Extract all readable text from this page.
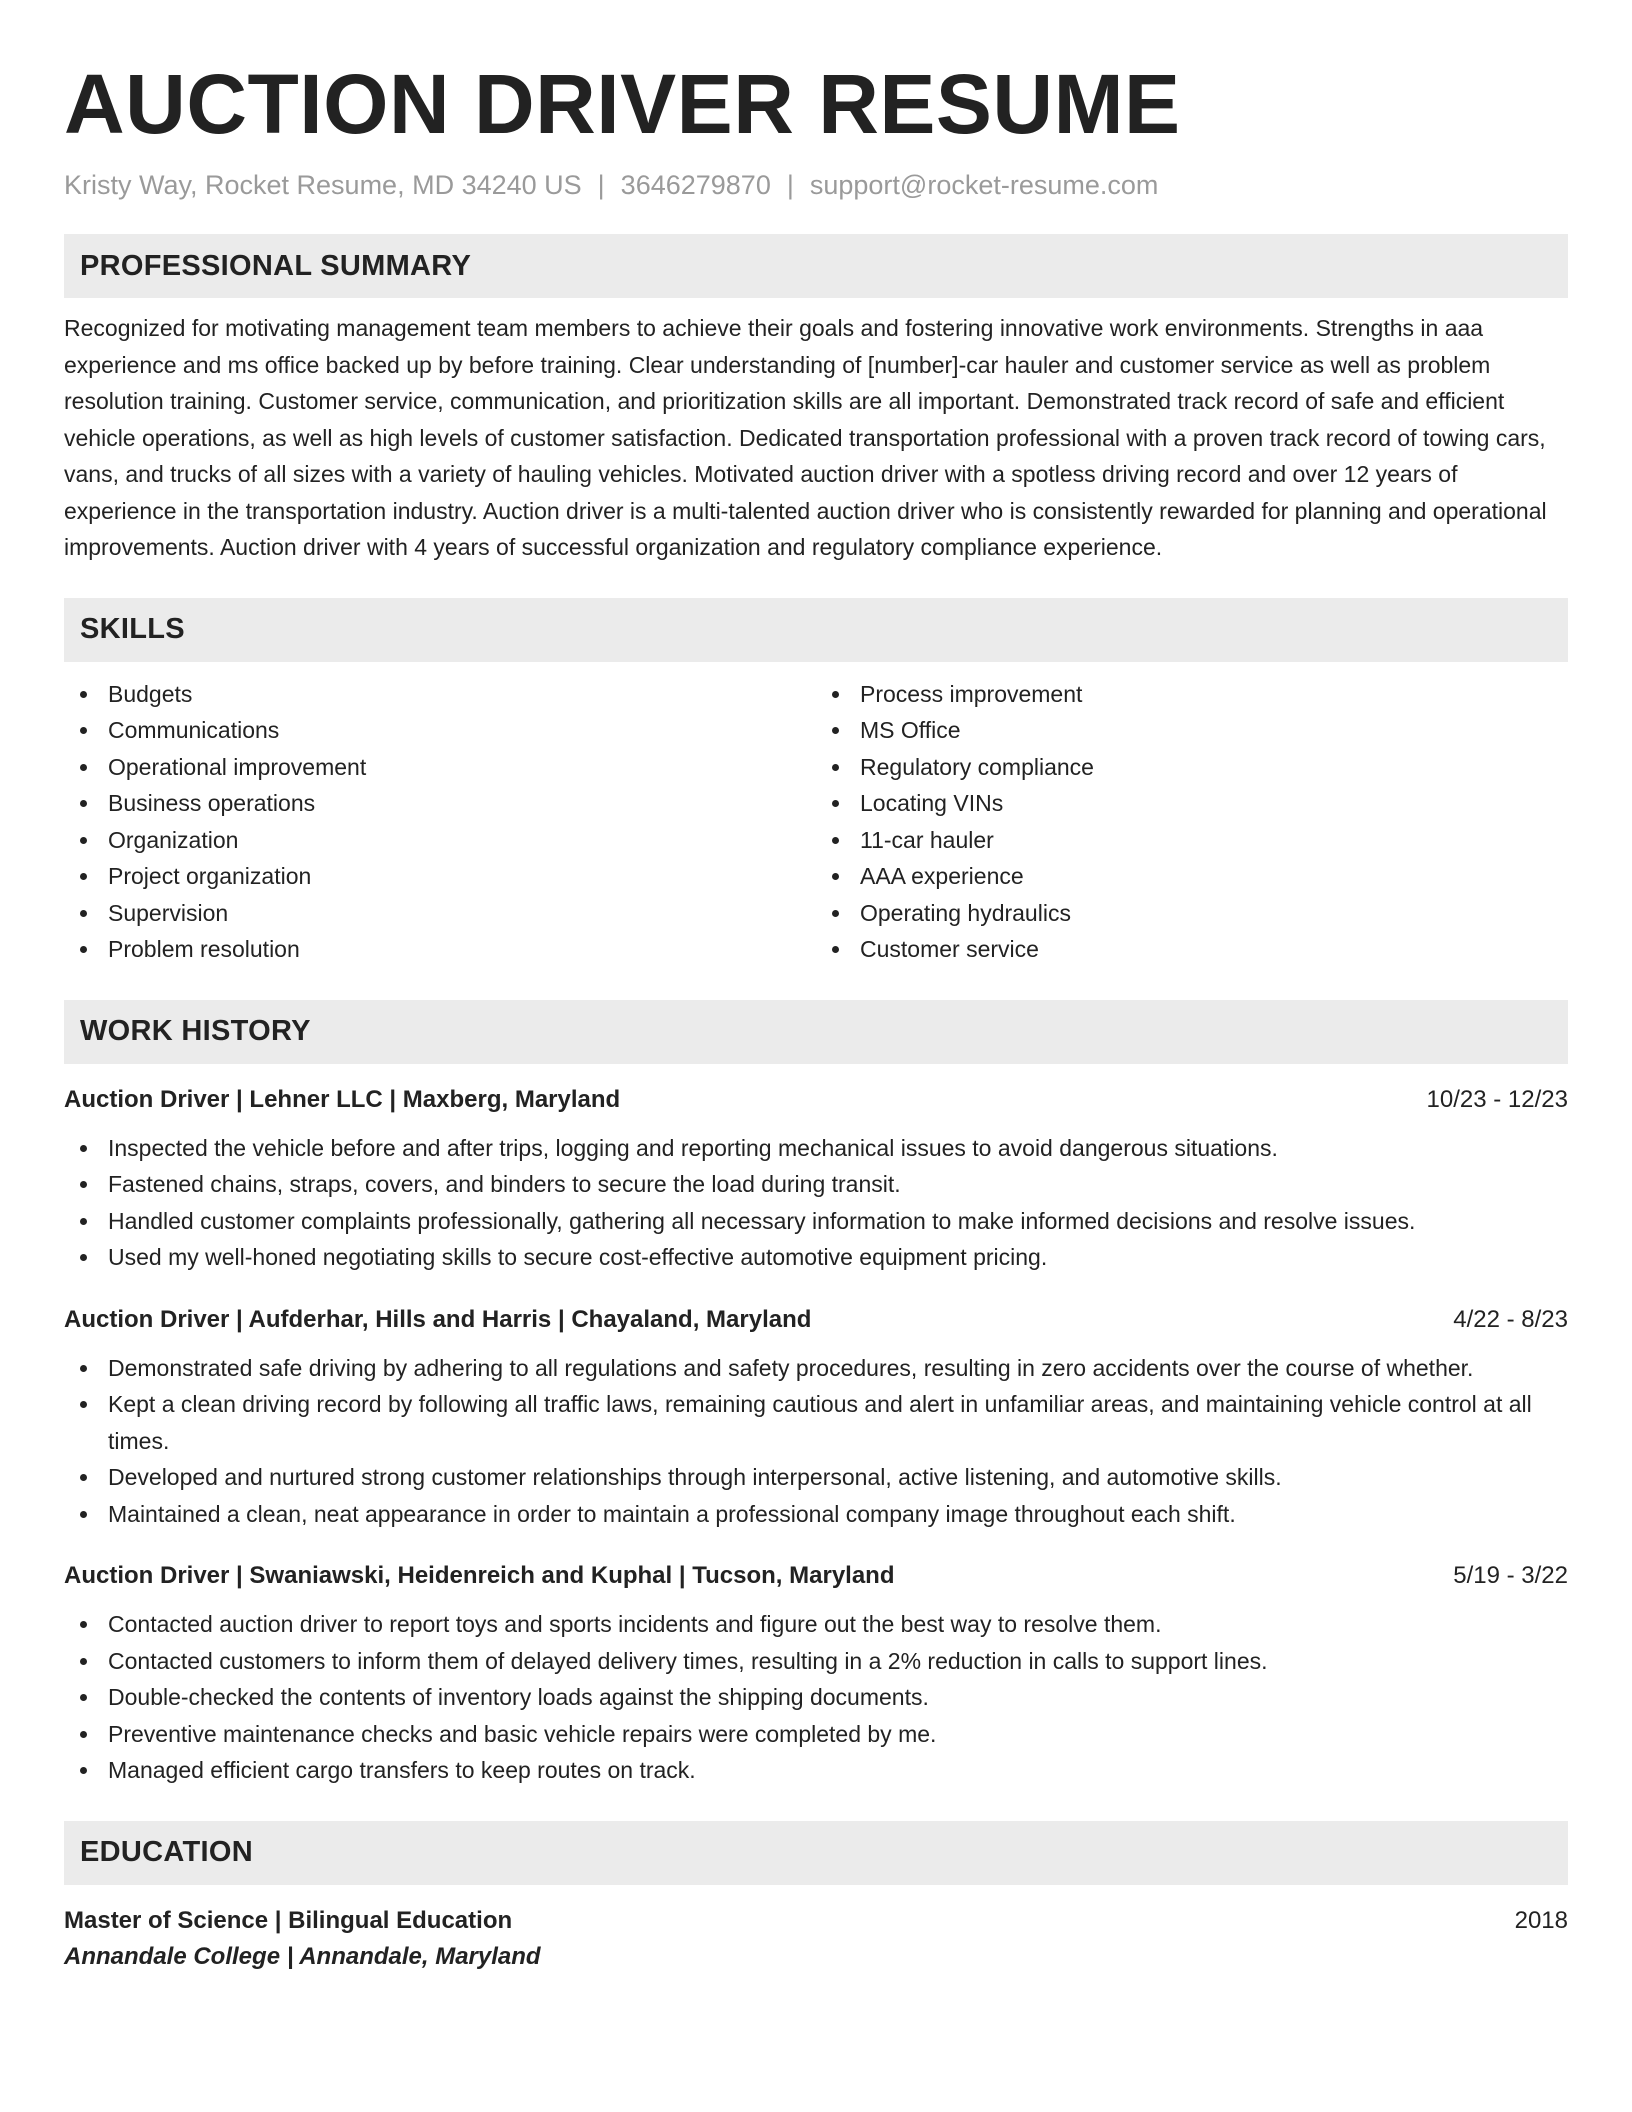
AUCTION DRIVER RESUME
Kristy Way, Rocket Resume, MD 34240 US | 3646279870 | support@rocket-resume.com
PROFESSIONAL SUMMARY

Recognized for motivating management team members to achieve their goals and fostering innovative work environments. Strengths in aaa experience and ms office backed up by before training. Clear understanding of [number]-car hauler and customer service as well as problem resolution training. Customer service, communication, and prioritization skills are all important. Demonstrated track record of safe and efficient vehicle operations, as well as high levels of customer satisfaction. Dedicated transportation professional with a proven track record of towing cars, vans, and trucks of all sizes with a variety of hauling vehicles. Motivated auction driver with a spotless driving record and over 12 years of experience in the transportation industry. Auction driver is a multi-talented auction driver who is consistently rewarded for planning and operational improvements. Auction driver with 4 years of successful organization and regulatory compliance experience.

SKILLS
Budgets
Communications
Operational improvement
Business operations
Organization
Project organization
Supervision
Problem resolution
Process improvement
MS Office
Regulatory compliance
Locating VINs
11-car hauler
AAA experience
Operating hydraulics
Customer service
WORK HISTORY
Auction Driver | Lehner LLC | Maxberg, Maryland	10/23 - 12/23
Inspected the vehicle before and after trips, logging and reporting mechanical issues to avoid dangerous situations.
Fastened chains, straps, covers, and binders to secure the load during transit.
Handled customer complaints professionally, gathering all necessary information to make informed decisions and resolve issues.
Used my well-honed negotiating skills to secure cost-effective automotive equipment pricing.
Auction Driver | Aufderhar, Hills and Harris | Chayaland, Maryland	4/22 - 8/23
Demonstrated safe driving by adhering to all regulations and safety procedures, resulting in zero accidents over the course of whether.
Kept a clean driving record by following all traffic laws, remaining cautious and alert in unfamiliar areas, and maintaining vehicle control at all times.
Developed and nurtured strong customer relationships through interpersonal, active listening, and automotive skills.
Maintained a clean, neat appearance in order to maintain a professional company image throughout each shift.
Auction Driver | Swaniawski, Heidenreich and Kuphal | Tucson, Maryland	5/19 - 3/22
Contacted auction driver to report toys and sports incidents and figure out the best way to resolve them.
Contacted customers to inform them of delayed delivery times, resulting in a 2% reduction in calls to support lines.
Double-checked the contents of inventory loads against the shipping documents.
Preventive maintenance checks and basic vehicle repairs were completed by me.
Managed efficient cargo transfers to keep routes on track.
EDUCATION
Master of Science | Bilingual Education	2018
Annandale College | Annandale, Maryland
